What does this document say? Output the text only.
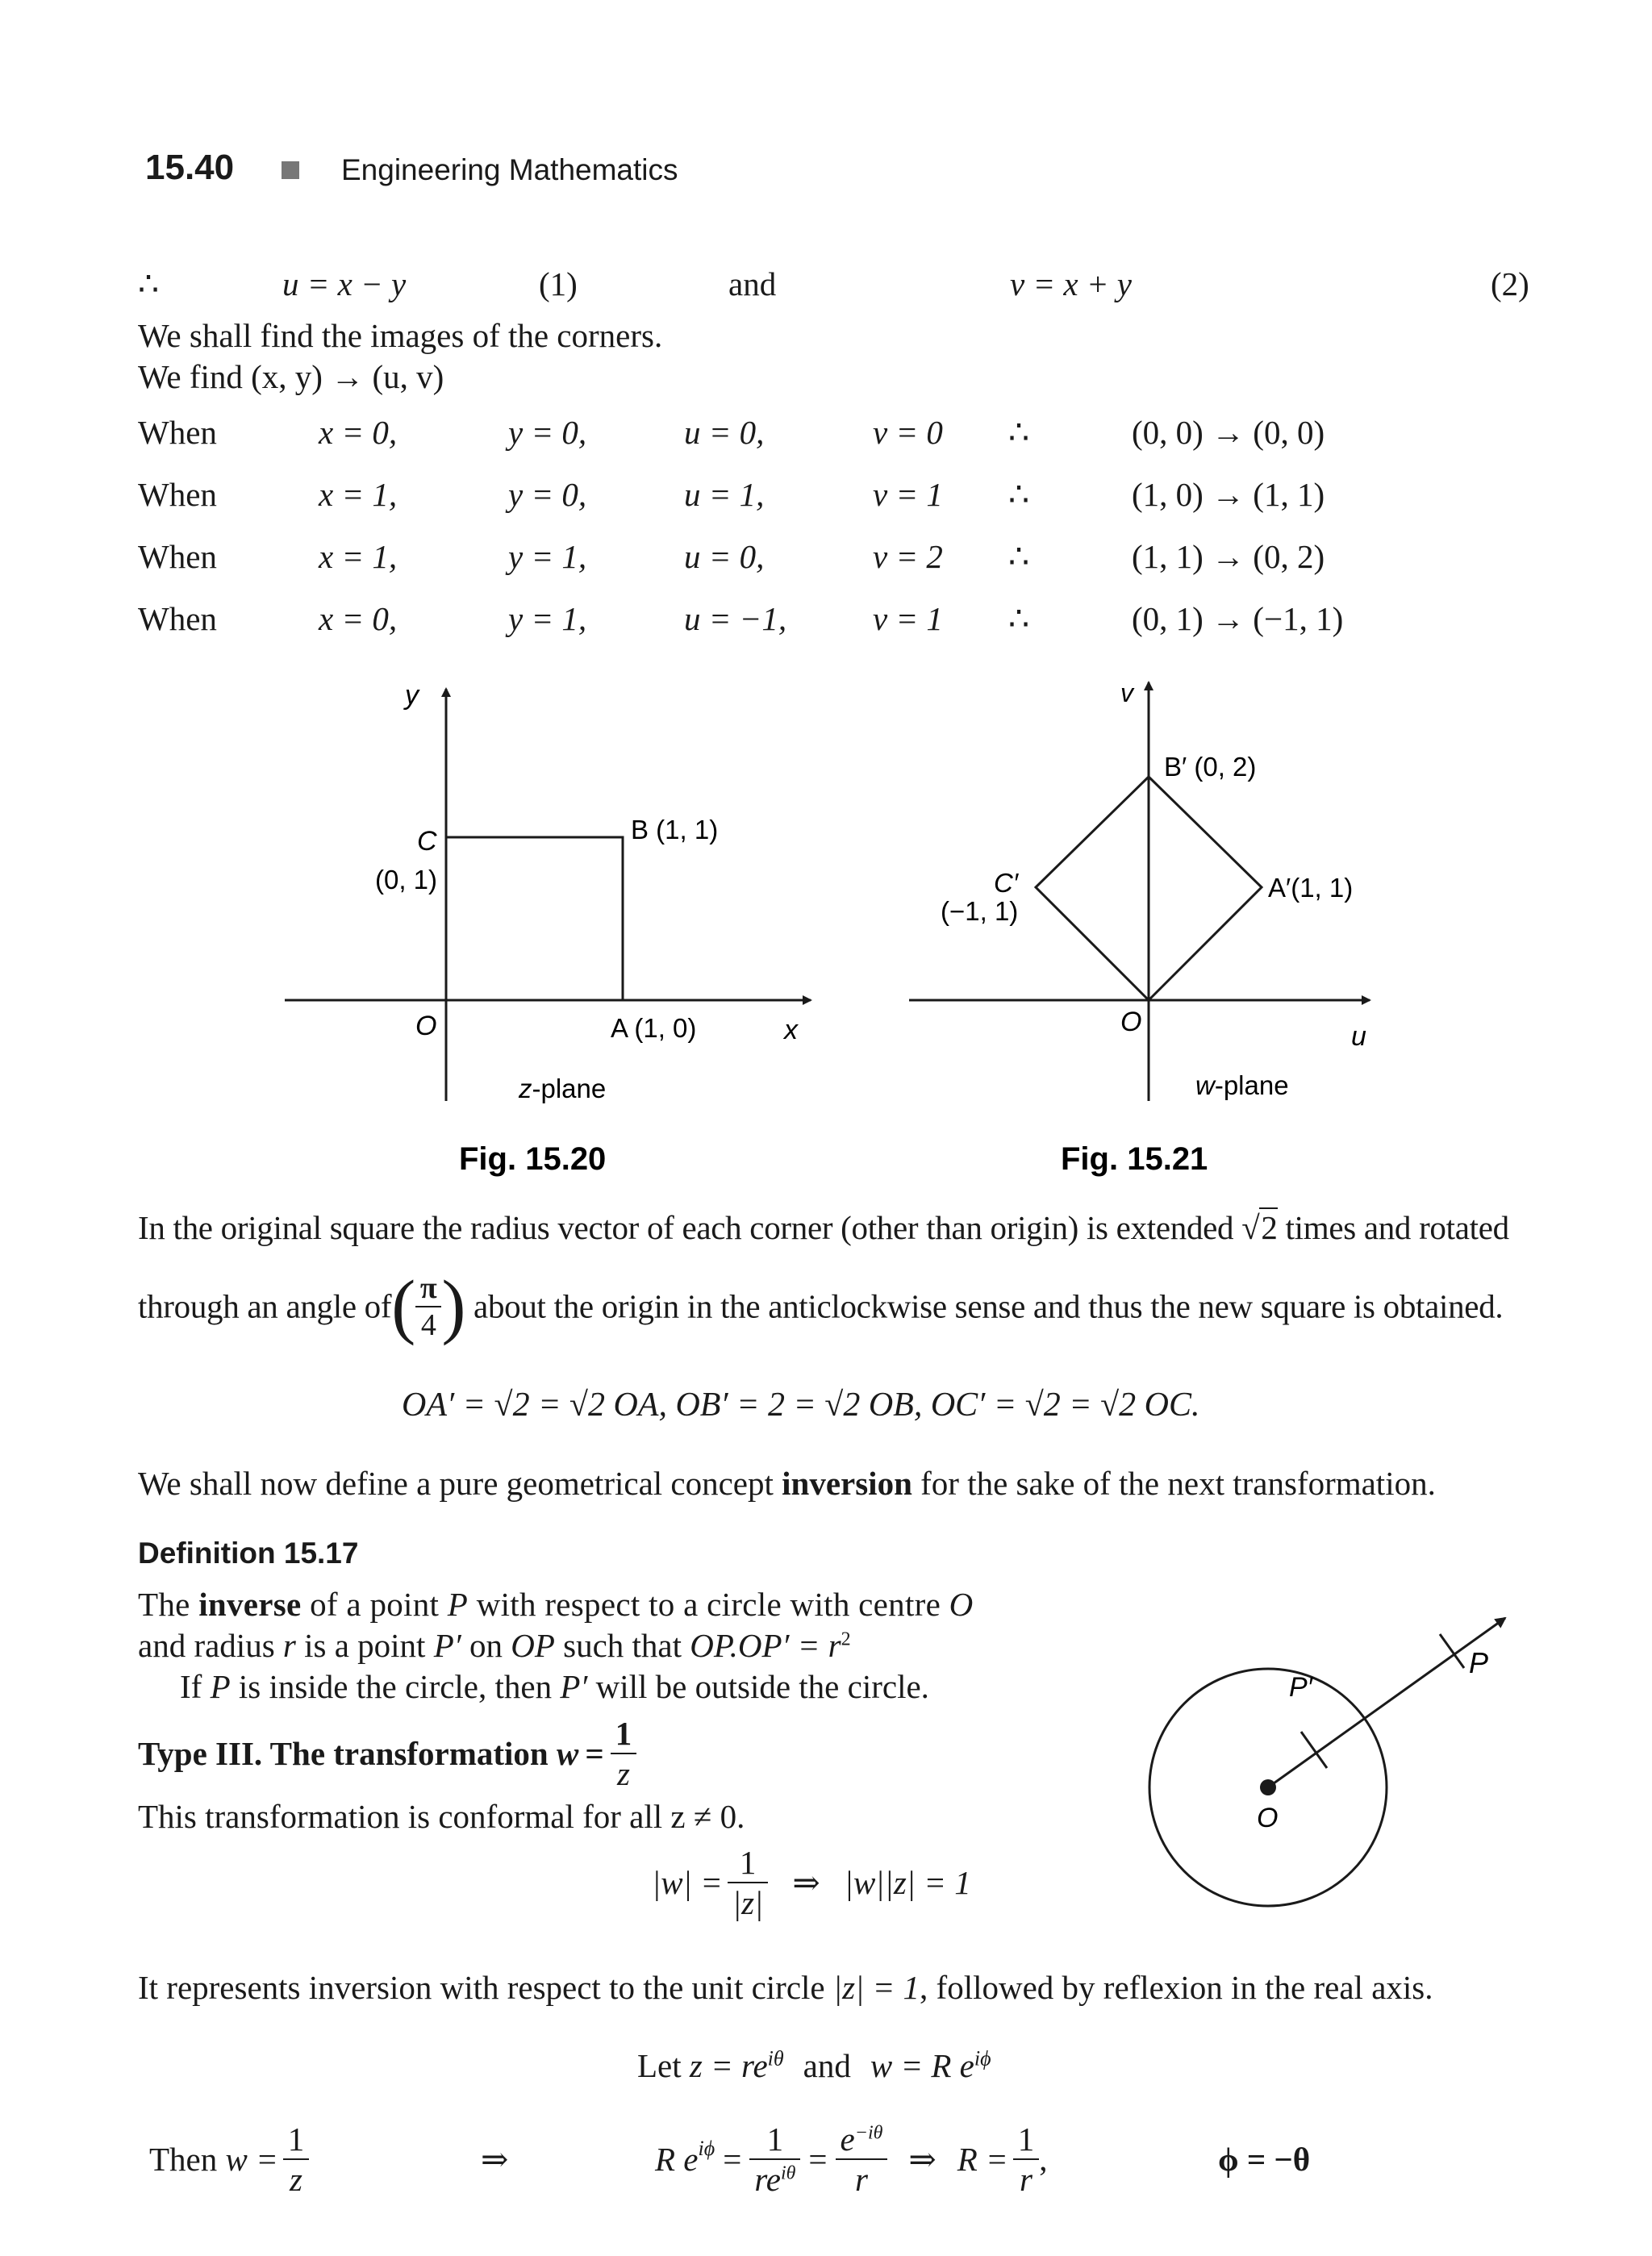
15.40	Engineering Mathematics
∴	u = x − y	(1)	and	v = x + y	(2)
We shall find the images of the corners.
We find (x, y) → (u, v)
When	x = 0,	y = 0,	u = 0,	v = 0 ∴	(0, 0) → (0, 0)
When	x = 1,	y = 0,	u = 1,	v = 1 ∴	(1, 0) → (1, 1)
When	x = 1,	y = 1,	u = 0,	v = 2 ∴	(1, 1) → (0, 2)
When	x = 0,	y = 1,	u = −1,	v = 1 ∴	(0, 1) → (−1, 1)
y
C
(0, 1)
B (1, 1)
O	A (1, 0)	x
z-plane
Fig. 15.20
v
B′ (0, 2)
C′
(−1, 1)
A′(1, 1)
O	u
w-plane
Fig. 15.21
In the original square the radius vector of each corner (other than origin) is extended √2 times and rotated
through an angle $of( \frac{\pi}{4}$ ) about the origin in the anticlockwise sense and thus the new square is obtained.
OA′ = √2 = √2 OA, OB′ = 2 = √2 OB, OC′ = √2 = √2 OC.
We shall now define a pure geometrical concept inversion for the sake of the next transformation.
Definition 15.17
The inverse of a point P with respect to a circle with centre O
and radius r is a point P′ on OP such that $OP.OP' = r^2$
If P is inside the circle, then P′ will be outside the circle.
P
P′
O
Type III. The transformation $w = \frac{1}{z}$
This transformation is conformal for all z ≠ 0.
$|w| = \frac{1}{|z|}$ ⇒ |w||z| = 1
It represents inversion with respect to the unit circle |z| = 1, followed by reflexion in the real axis.
Let $z = re^{i\theta}$ and w = R $e^{i\phi}$
Then $w = \frac{1}{z}$	⇒	R $e^{i\phi} = \frac{1}{re^{i\theta}} = \frac{e^{-i\theta}}{r}$ ⇒ $R = \frac{1}{r}$ ,	ϕ = −θ
